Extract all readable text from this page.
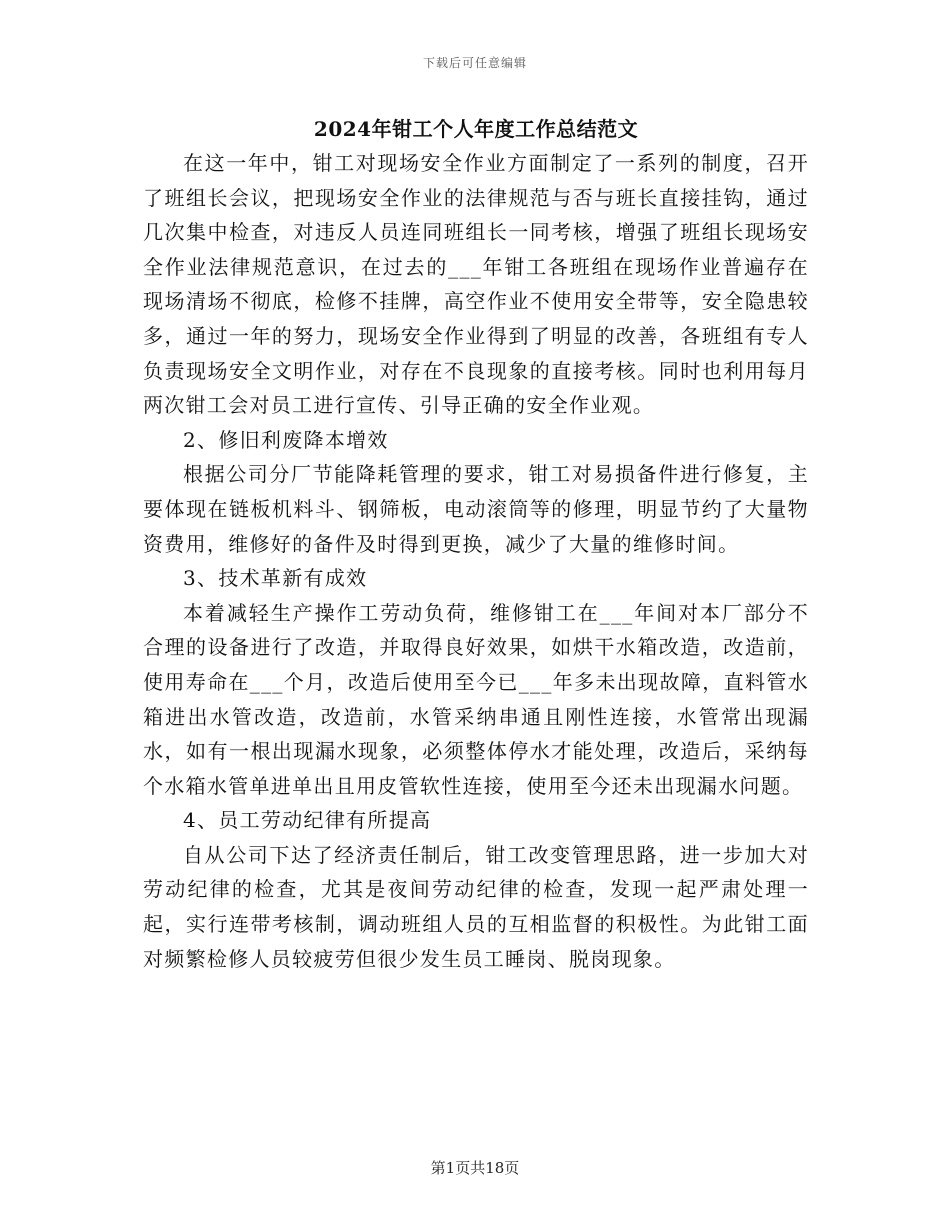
下载后可任意编辑
2024年钳工个人年度工作总结范文

在这一年中，钳工对现场安全作业方面制定了一系列的制度，召开了班组长会议，把现场安全作业的法律规范与否与班长直接挂钩，通过几次集中检查，对违反人员连同班组长一同考核，增强了班组长现场安全作业法律规范意识，在过去的___年钳工各班组在现场作业普遍存在现场清场不彻底，检修不挂牌，高空作业不使用安全带等，安全隐患较多，通过一年的努力，现场安全作业得到了明显的改善，各班组有专人负责现场安全文明作业，对存在不良现象的直接考核。同时也利用每月两次钳工会对员工进行宣传、引导正确的安全作业观。

2、修旧利废降本增效

根据公司分厂节能降耗管理的要求，钳工对易损备件进行修复，主要体现在链板机料斗、钢筛板，电动滚筒等的修理，明显节约了大量物资费用，维修好的备件及时得到更换，减少了大量的维修时间。

3、技术革新有成效

本着减轻生产操作工劳动负荷，维修钳工在___年间对本厂部分不合理的设备进行了改造，并取得良好效果，如烘干水箱改造，改造前，使用寿命在___个月，改造后使用至今已___年多未出现故障，直料管水箱进出水管改造，改造前，水管采纳串通且刚性连接，水管常出现漏水，如有一根出现漏水现象，必须整体停水才能处理，改造后，采纳每个水箱水管单进单出且用皮管软性连接，使用至今还未出现漏水问题。

4、员工劳动纪律有所提高

自从公司下达了经济责任制后，钳工改变管理思路，进一步加大对劳动纪律的检查，尤其是夜间劳动纪律的检查，发现一起严肃处理一起，实行连带考核制，调动班组人员的互相监督的积极性。为此钳工面对频繁检修人员较疲劳但很少发生员工睡岗、脱岗现象。

第1页共18页
